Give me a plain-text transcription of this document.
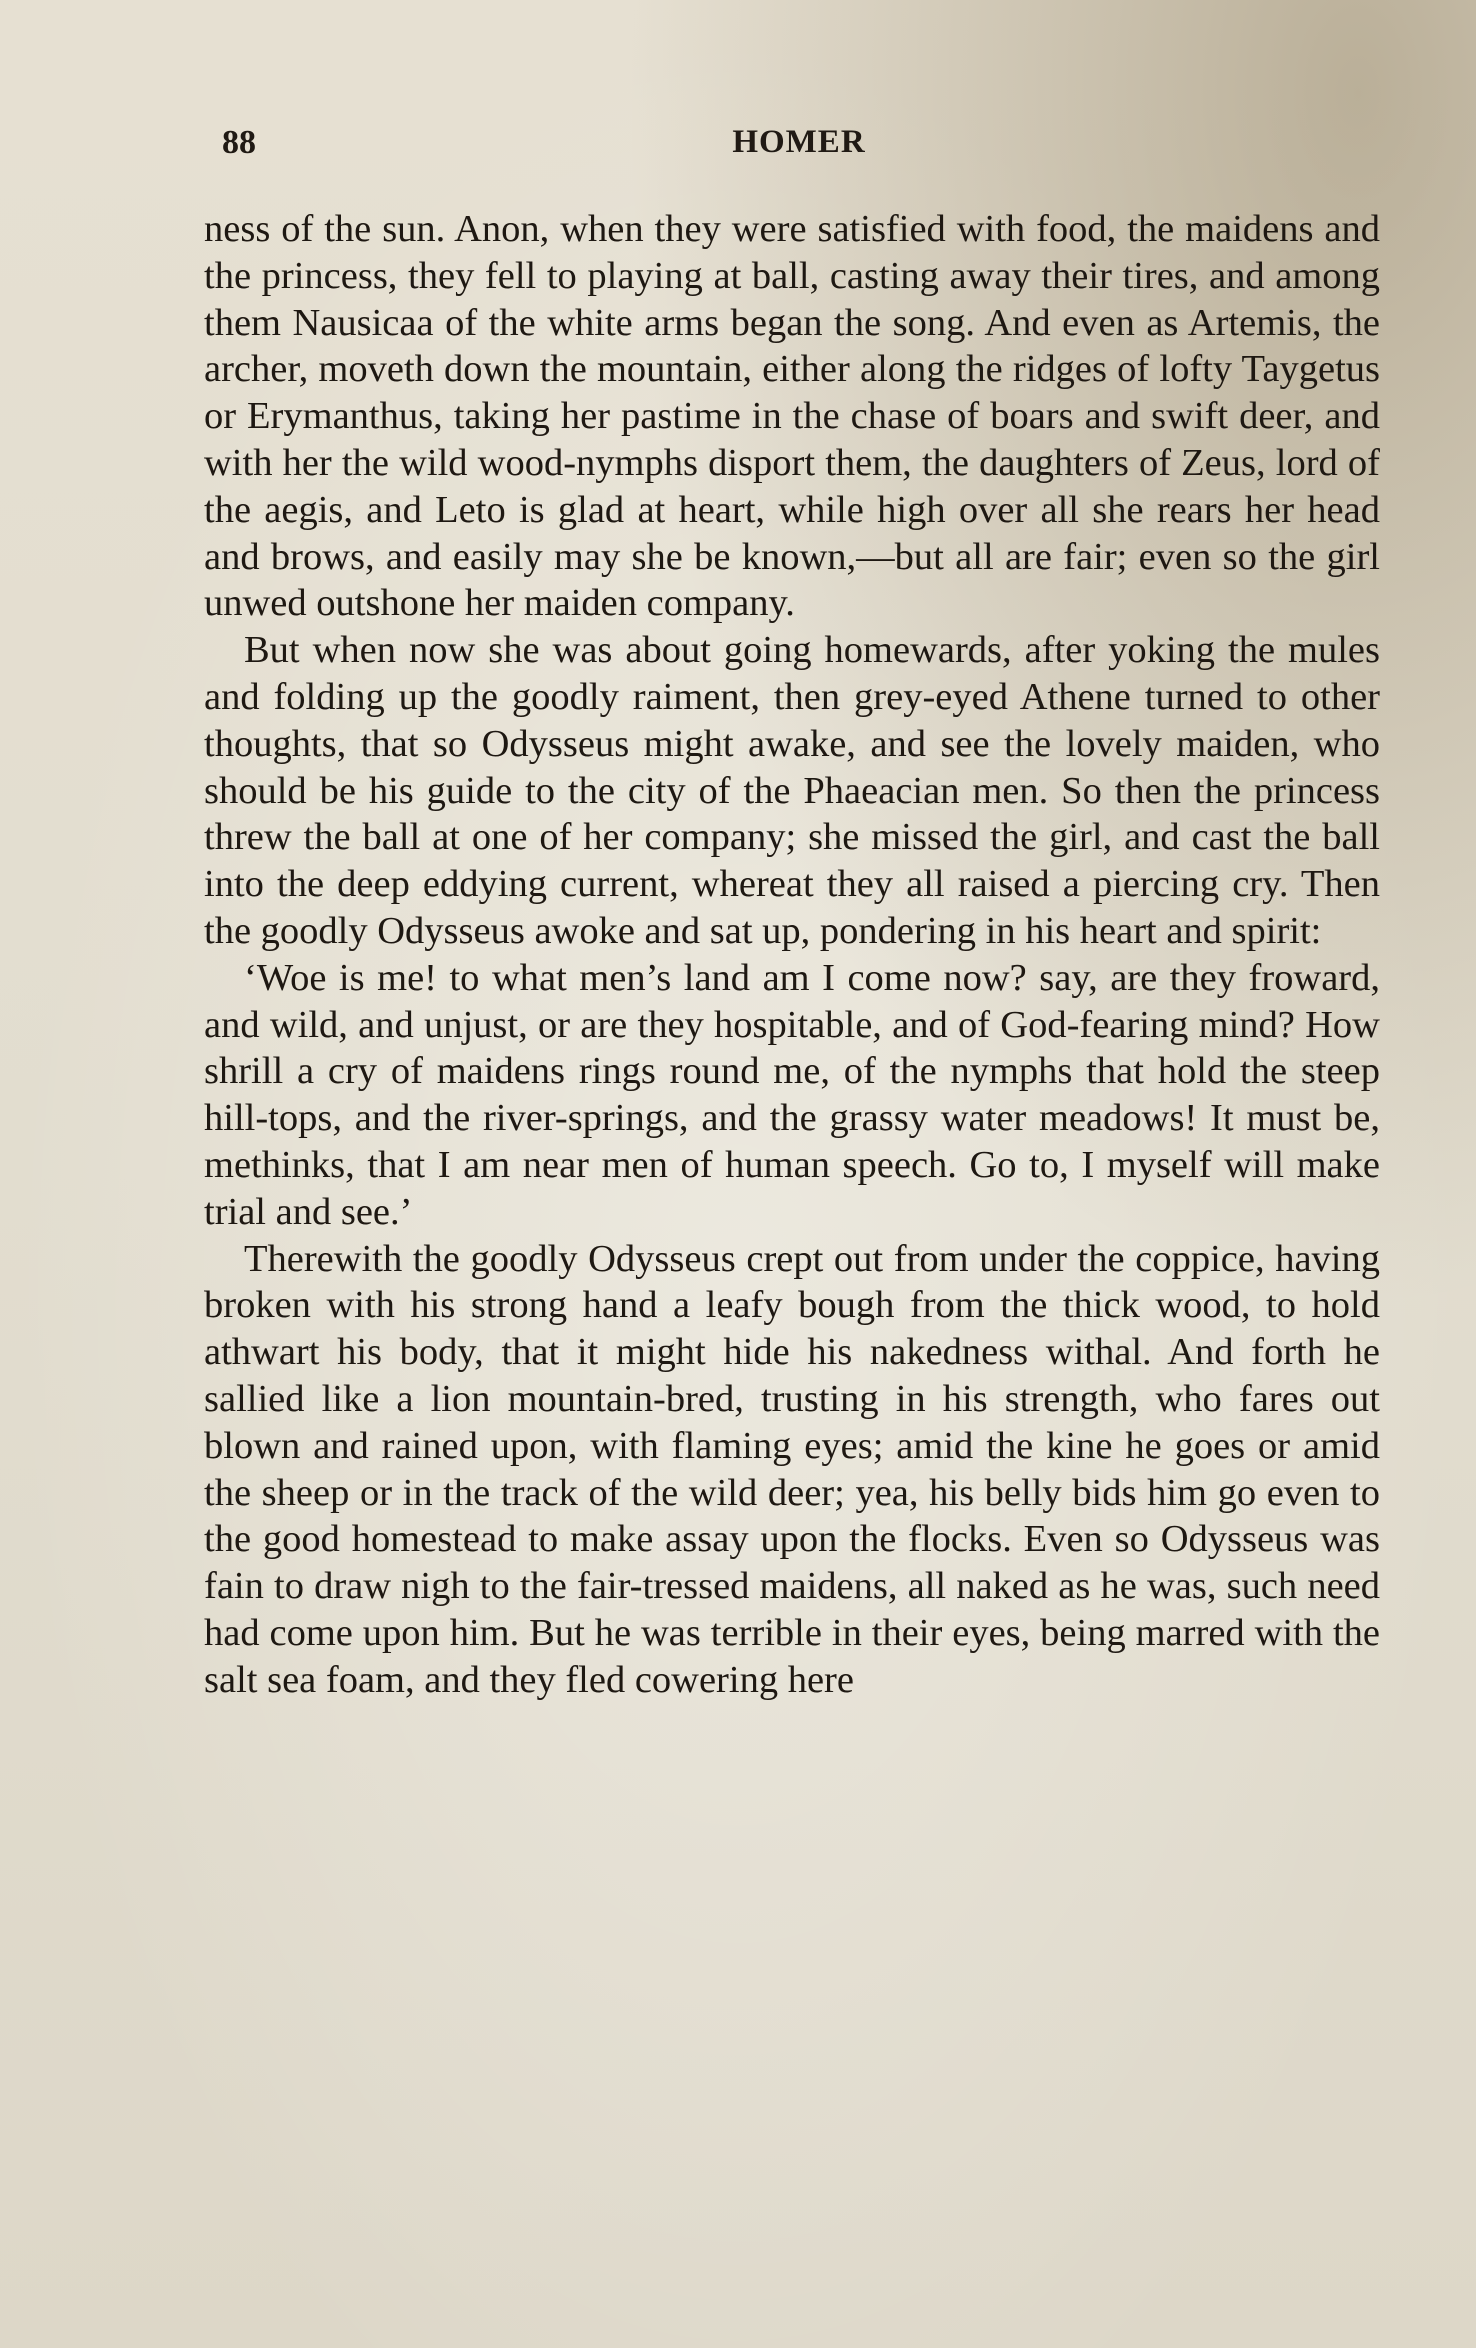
88	HOMER

ness of the sun. Anon, when they were satisfied with food, the maidens and the princess, they fell to playing at ball, casting away their tires, and among them Nausicaa of the white arms began the song. And even as Artemis, the archer, moveth down the mountain, either along the ridges of lofty Taygetus or Erymanthus, taking her pastime in the chase of boars and swift deer, and with her the wild wood-nymphs disport them, the daughters of Zeus, lord of the aegis, and Leto is glad at heart, while high over all she rears her head and brows, and easily may she be known,—but all are fair; even so the girl unwed outshone her maiden company.

But when now she was about going homewards, after yoking the mules and folding up the goodly raiment, then grey-eyed Athene turned to other thoughts, that so Odysseus might awake, and see the lovely maiden, who should be his guide to the city of the Phaeacian men. So then the princess threw the ball at one of her company; she missed the girl, and cast the ball into the deep eddying current, whereat they all raised a piercing cry. Then the goodly Odysseus awoke and sat up, pondering in his heart and spirit:

‘Woe is me! to what men’s land am I come now? say, are they froward, and wild, and unjust, or are they hospitable, and of God-fearing mind? How shrill a cry of maidens rings round me, of the nymphs that hold the steep hill-tops, and the river-springs, and the grassy water meadows! It must be, methinks, that I am near men of human speech. Go to, I myself will make trial and see.’

Therewith the goodly Odysseus crept out from under the coppice, having broken with his strong hand a leafy bough from the thick wood, to hold athwart his body, that it might hide his nakedness withal. And forth he sallied like a lion mountain-bred, trusting in his strength, who fares out blown and rained upon, with flaming eyes; amid the kine he goes or amid the sheep or in the track of the wild deer; yea, his belly bids him go even to the good homestead to make assay upon the flocks. Even so Odysseus was fain to draw nigh to the fair-tressed maidens, all naked as he was, such need had come upon him. But he was terrible in their eyes, being marred with the salt sea foam, and they fled cowering here
